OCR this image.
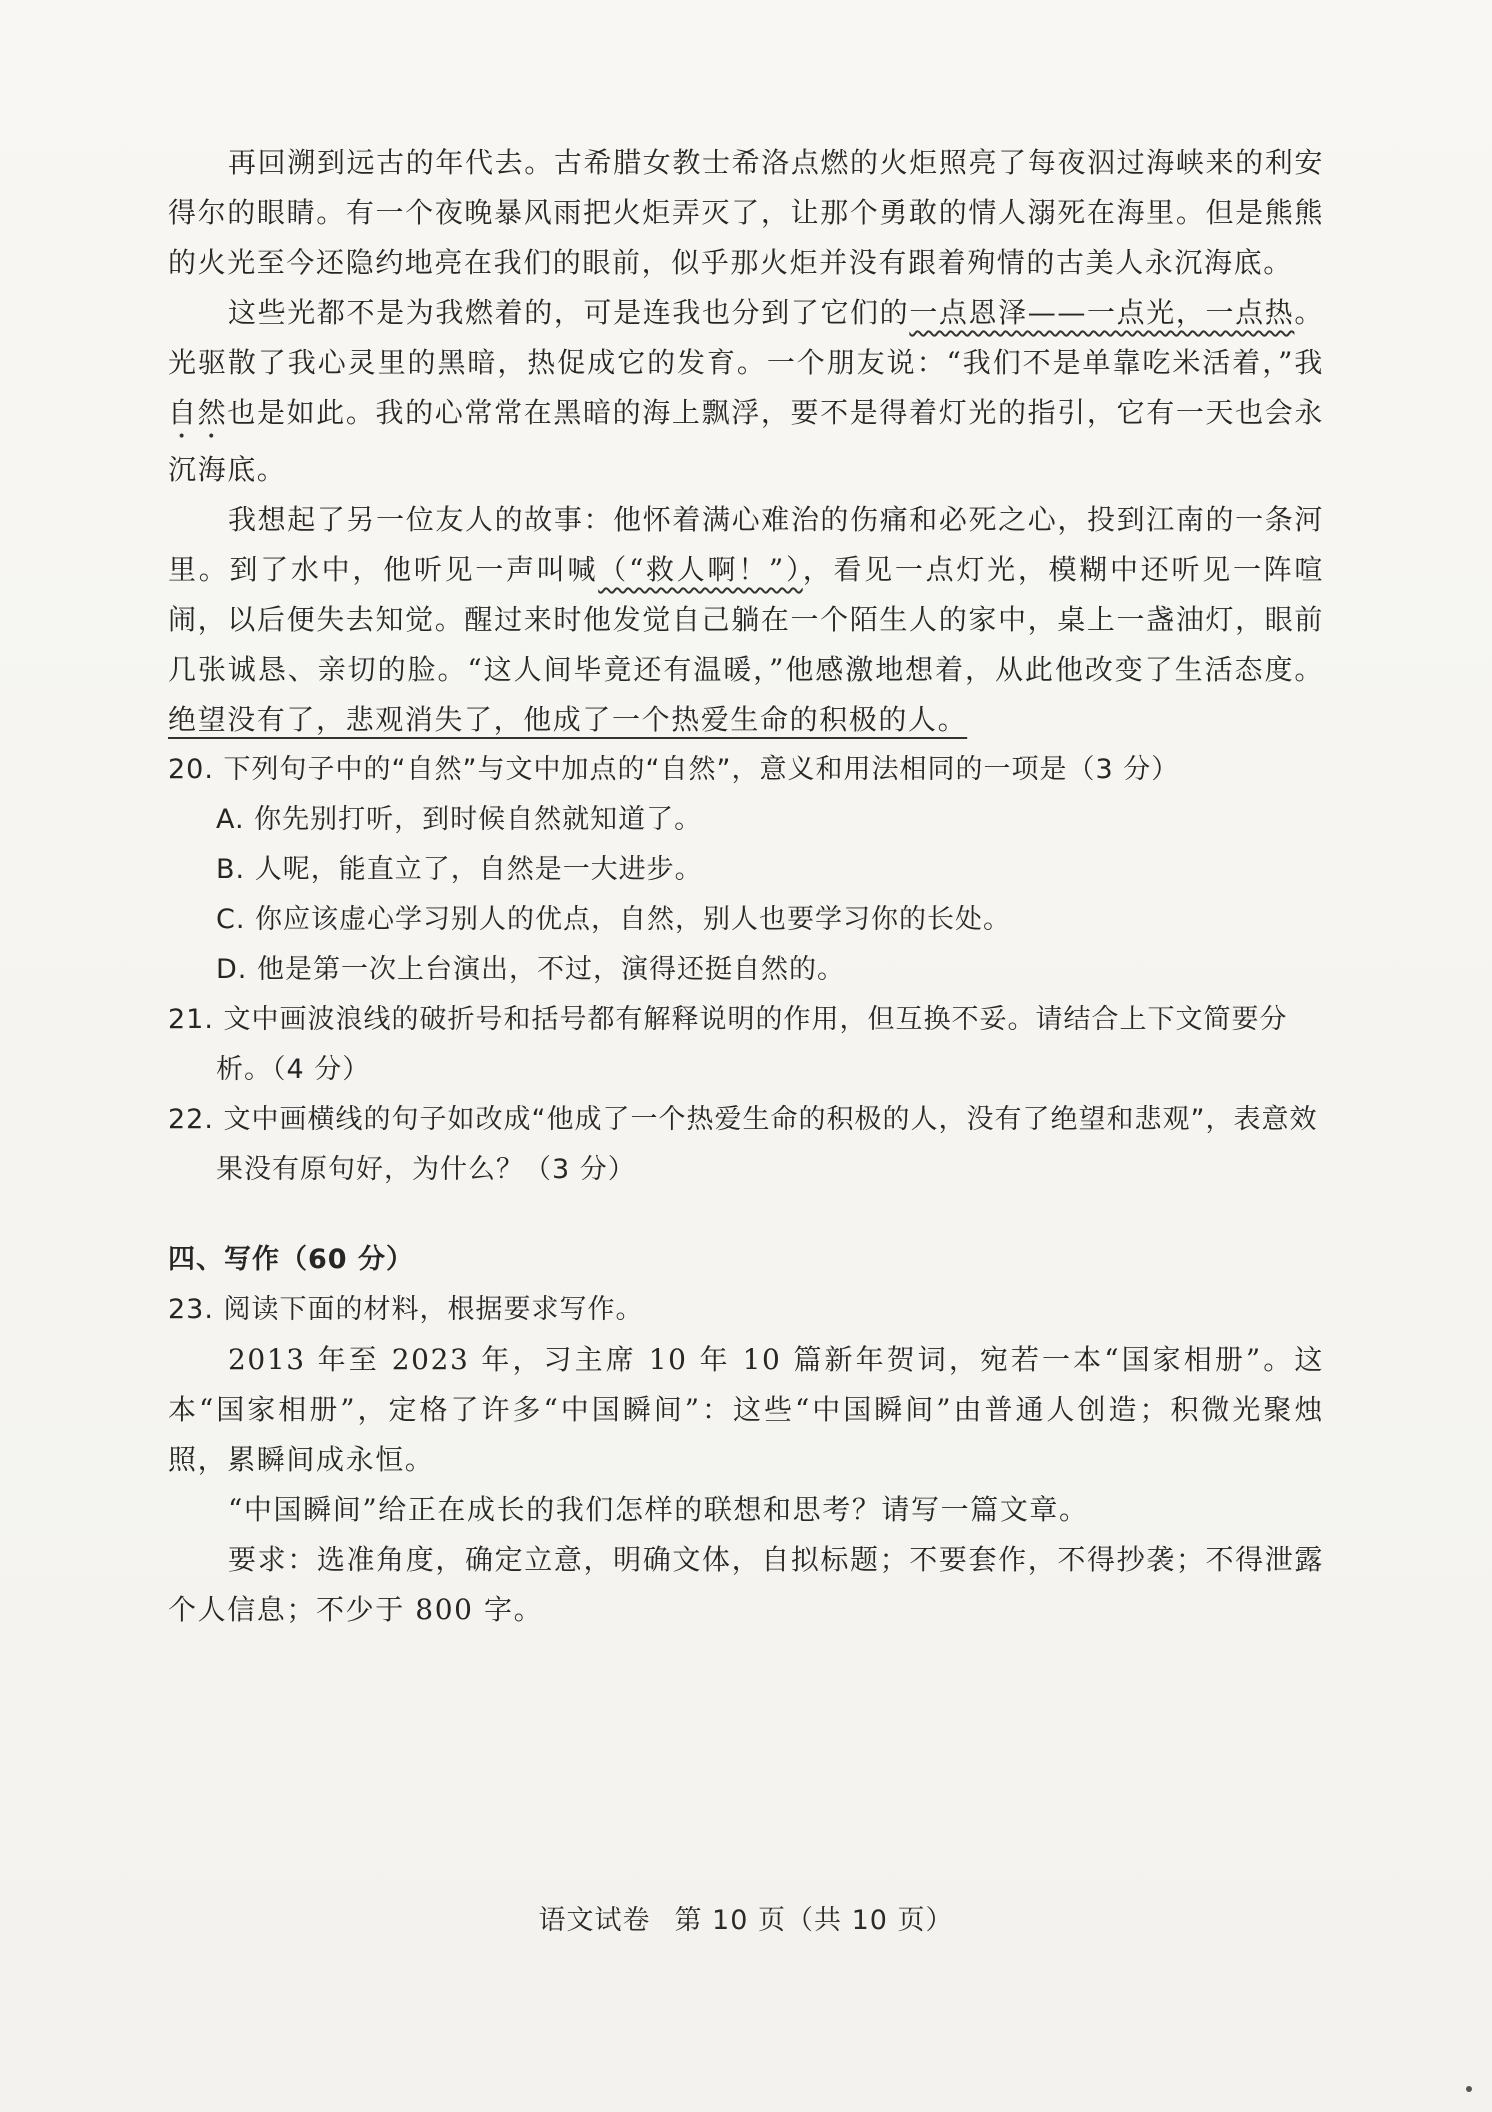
再回溯到远古的年代去。古希腊女教士希洛点燃的火炬照亮了每夜泅过海峡来的利安得尔的眼睛。有一个夜晚暴风雨把火炬弄灭了，让那个勇敢的情人溺死在海里。但是熊熊的火光至今还隐约地亮在我们的眼前，似乎那火炬并没有跟着殉情的古美人永沉海底。

这些光都不是为我燃着的，可是连我也分到了它们的一点恩泽——一点光，一点热。光驱散了我心灵里的黑暗，热促成它的发育。一个朋友说：“我们不是单靠吃米活着，”我自然也是如此。我的心常常在黑暗的海上飘浮，要不是得着灯光的指引，它有一天也会永沉海底。

我想起了另一位友人的故事：他怀着满心难治的伤痛和必死之心，投到江南的一条河里。到了水中，他听见一声叫喊（“救人啊！”），看见一点灯光，模糊中还听见一阵喧闹，以后便失去知觉。醒过来时他发觉自己躺在一个陌生人的家中，桌上一盏油灯，眼前几张诚恳、亲切的脸。“这人间毕竟还有温暖，”他感激地想着，从此他改变了生活态度。绝望没有了，悲观消失了，他成了一个热爱生命的积极的人。

20. 下列句子中的“自然”与文中加点的“自然”，意义和用法相同的一项是（3 分）

A. 你先别打听，到时候自然就知道了。

B. 人呢，能直立了，自然是一大进步。

C. 你应该虚心学习别人的优点，自然，别人也要学习你的长处。

D. 他是第一次上台演出，不过，演得还挺自然的。

21. 文中画波浪线的破折号和括号都有解释说明的作用，但互换不妥。请结合上下文简要分析。（4 分）

22. 文中画横线的句子如改成“他成了一个热爱生命的积极的人，没有了绝望和悲观”，表意效果没有原句好，为什么？（3 分）

四、写作（60 分）

23. 阅读下面的材料，根据要求写作。

2013 年至 2023 年，习主席 10 年 10 篇新年贺词，宛若一本“国家相册”。这本“国家相册”，定格了许多“中国瞬间”：这些“中国瞬间”由普通人创造；积微光聚烛照，累瞬间成永恒。

“中国瞬间”给正在成长的我们怎样的联想和思考？请写一篇文章。

要求：选准角度，确定立意，明确文体，自拟标题；不要套作，不得抄袭；不得泄露个人信息；不少于 800 字。

语文试卷 第 10 页（共 10 页）
